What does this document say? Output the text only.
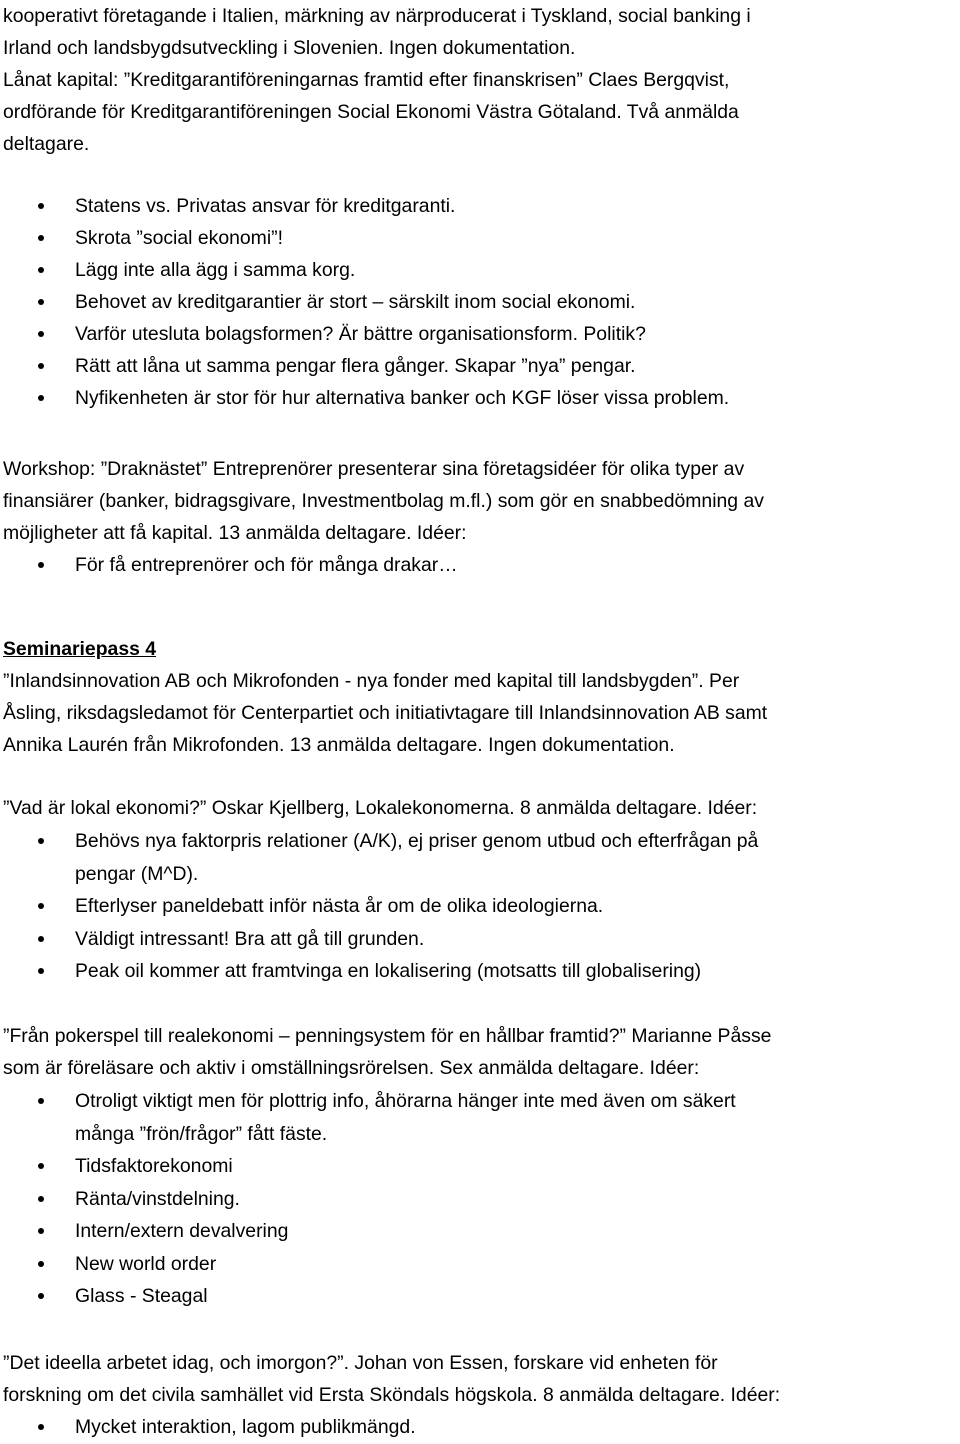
kooperativt företagande i Italien, märkning av närproducerat i Tyskland, social banking i

Irland och landsbygdsutveckling i Slovenien. Ingen dokumentation.

Lånat kapital: ”Kreditgarantiföreningarnas framtid efter finanskrisen” Claes Bergqvist,

ordförande för Kreditgarantiföreningen Social Ekonomi Västra Götaland. Två anmälda

deltagare.

Statens vs. Privatas ansvar för kreditgaranti.
Skrota ”social ekonomi”!
Lägg inte alla ägg i samma korg.
Behovet av kreditgarantier är stort – särskilt inom social ekonomi.
Varför utesluta bolagsformen? Är bättre organisationsform. Politik?
Rätt att låna ut samma pengar flera gånger. Skapar ”nya” pengar.
Nyfikenheten är stor för hur alternativa banker och KGF löser vissa problem.

Workshop: ”Draknästet” Entreprenörer presenterar sina företagsidéer för olika typer av

finansiärer (banker, bidragsgivare, Investmentbolag m.fl.) som gör en snabbedömning av

möjligheter att få kapital. 13 anmälda deltagare. Idéer:

För få entreprenörer och för många drakar…

Seminariepass 4

”Inlandsinnovation AB och Mikrofonden - nya fonder med kapital till landsbygden”. Per

Åsling, riksdagsledamot för Centerpartiet och initiativtagare till Inlandsinnovation AB samt

Annika Laurén från Mikrofonden. 13 anmälda deltagare. Ingen dokumentation.

”Vad är lokal ekonomi?” Oskar Kjellberg, Lokalekonomerna. 8 anmälda deltagare. Idéer:

Behövs nya faktorpris relationer (A/K), ej priser genom utbud och efterfrågan på
pengar (M^D).
Efterlyser paneldebatt inför nästa år om de olika ideologierna.
Väldigt intressant! Bra att gå till grunden.
Peak oil kommer att framtvinga en lokalisering (motsatts till globalisering)

”Från pokerspel till realekonomi – penningsystem för en hållbar framtid?” Marianne Påsse

som är föreläsare och aktiv i omställningsrörelsen. Sex anmälda deltagare. Idéer:

Otroligt viktigt men för plottrig info, åhörarna hänger inte med även om säkert
många ”frön/frågor” fått fäste.
Tidsfaktorekonomi
Ränta/vinstdelning.
Intern/extern devalvering
New world order
Glass - Steagal

”Det ideella arbetet idag, och imorgon?”. Johan von Essen, forskare vid enheten för

forskning om det civila samhället vid Ersta Sköndals högskola. 8 anmälda deltagare. Idéer:

Mycket interaktion, lagom publikmängd.
